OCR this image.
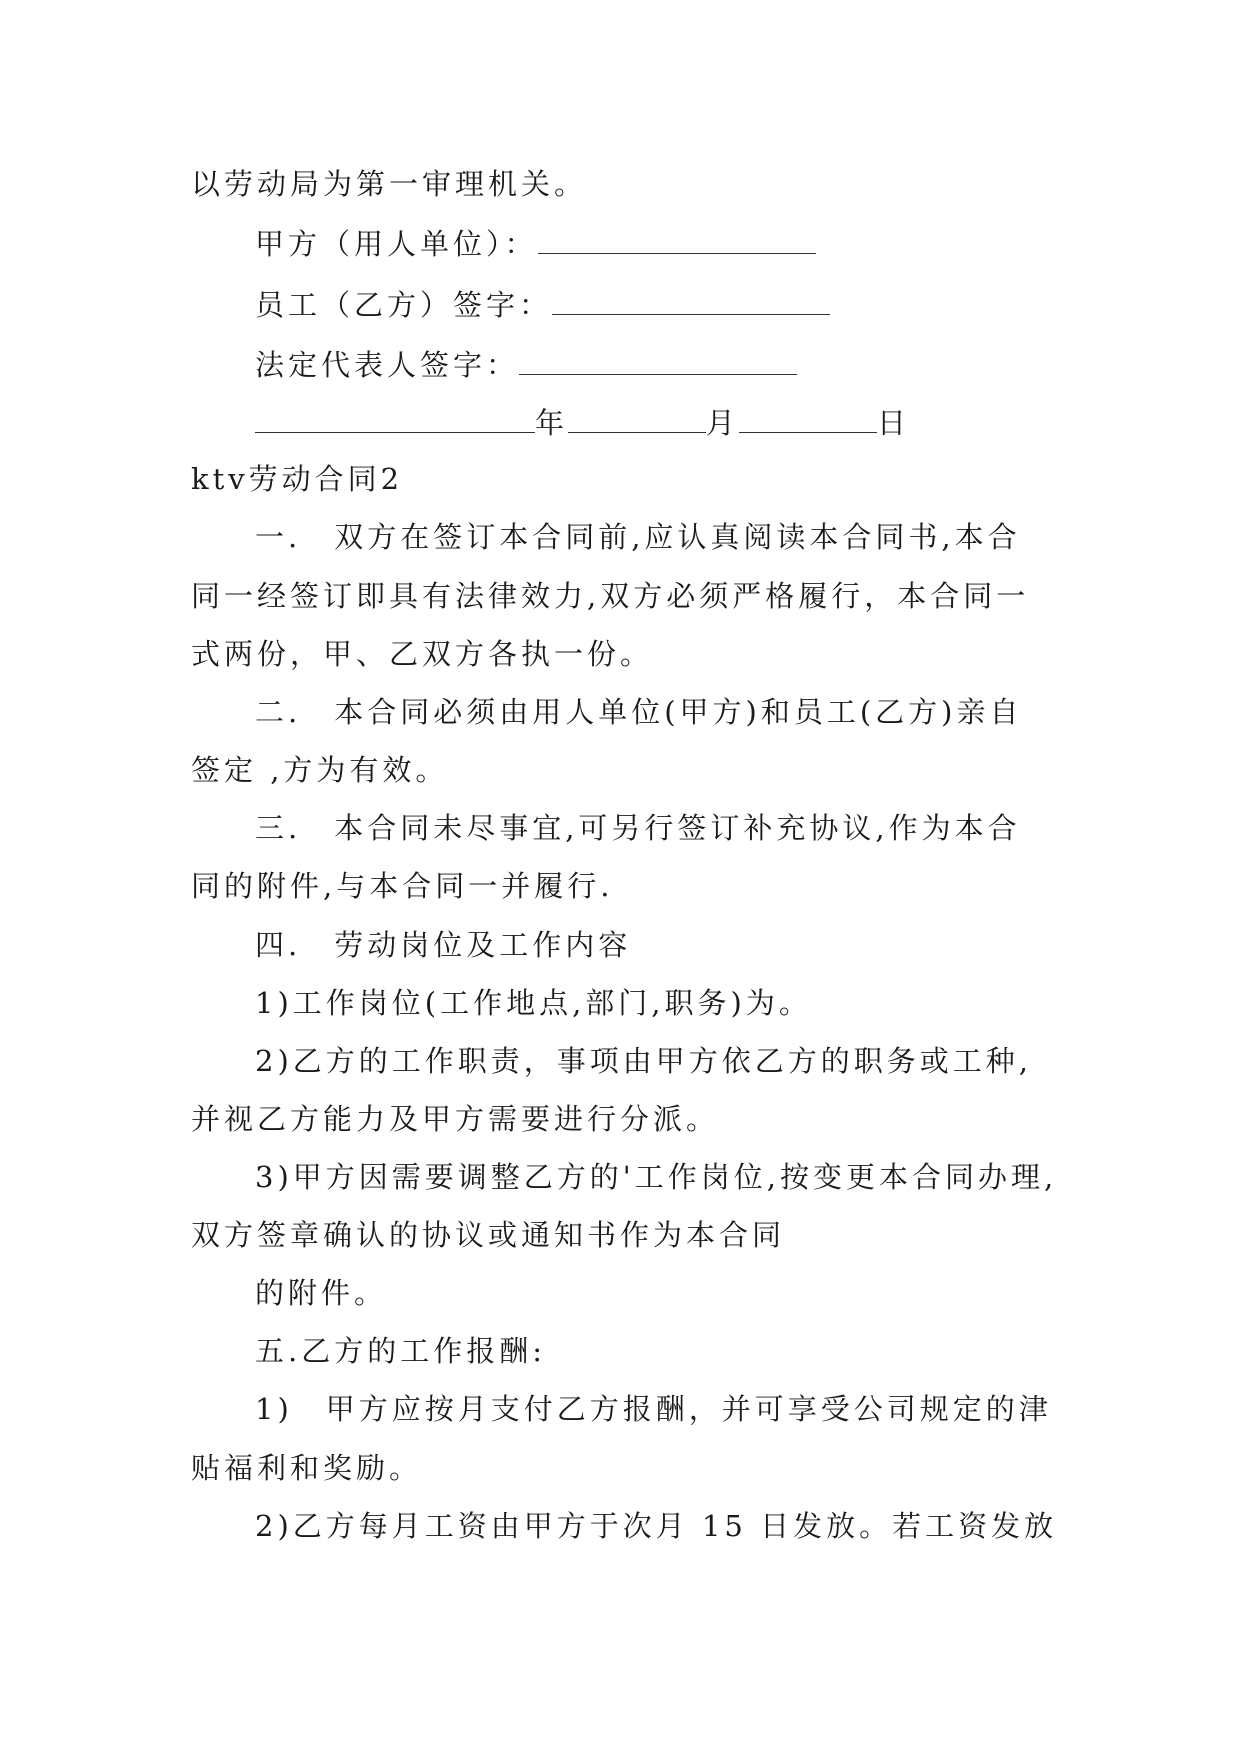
以劳动局为第一审理机关。
甲方（用人单位）：
员工（乙方）签字：
法定代表人签字：
年	月	日
ktv劳动合同2
一.　双方在签订本合同前,应认真阅读本合同书,本合
同一经签订即具有法律效力,双方必须严格履行，本合同一
式两份，甲、乙双方各执一份。
二.　本合同必须由用人单位(甲方)和员工(乙方)亲自
签定 ,方为有效。
三.　本合同未尽事宜,可另行签订补充协议,作为本合
同的附件,与本合同一并履行.
四.　劳动岗位及工作内容
1)工作岗位(工作地点,部门,职务)为。
2)乙方的工作职责，事项由甲方依乙方的职务或工种,
并视乙方能力及甲方需要进行分派。
3)甲方因需要调整乙方的'工作岗位,按变更本合同办理,
双方签章确认的协议或通知书作为本合同
的附件。
五.乙方的工作报酬:
1)　甲方应按月支付乙方报酬，并可享受公司规定的津
贴福利和奖励。
2)乙方每月工资由甲方于次月 15 日发放。若工资发放
